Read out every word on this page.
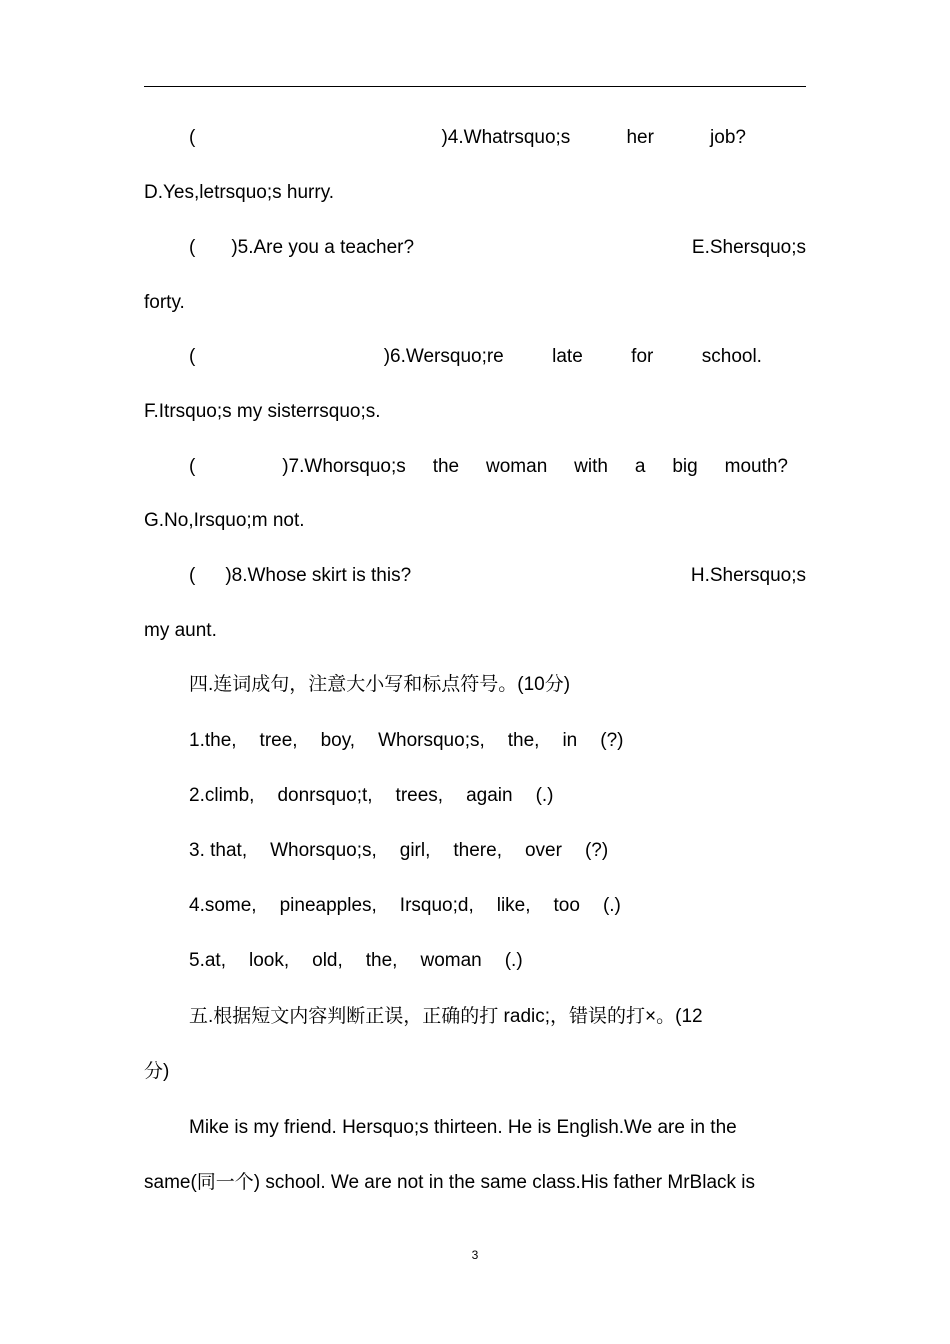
(	)4.Whatrsquo;s	her	job?
D.Yes,letrsquo;s hurry.
( )5.Are you a teacher?	E.Shersquo;s
forty.
(	)6.Wersquo;re	late	for	school.
F.Itrsquo;s my sisterrsquo;s.
(	)7.Whorsquo;s the woman with a big mouth?
G.No,Irsquo;m not.
( )8.Whose skirt is this?	H.Shersquo;s
my aunt.
四.连词成句，注意大小写和标点符号。(10分)
1.the, tree, boy, Whorsquo;s, the, in (?)
2.climb, donrsquo;t, trees, again (.)
3. that, Whorsquo;s, girl, there, over (?)
4.some, pineapples, Irsquo;d, like, too (.)
5.at, look, old, the, woman (.)
五.根据短文内容判断正误，正确的打 radic;，错误的打×。(12
分)
Mike is my friend. Hersquo;s thirteen. He is English.We are in the
same(同一个) school. We are not in the same class.His father MrBlack is
3
